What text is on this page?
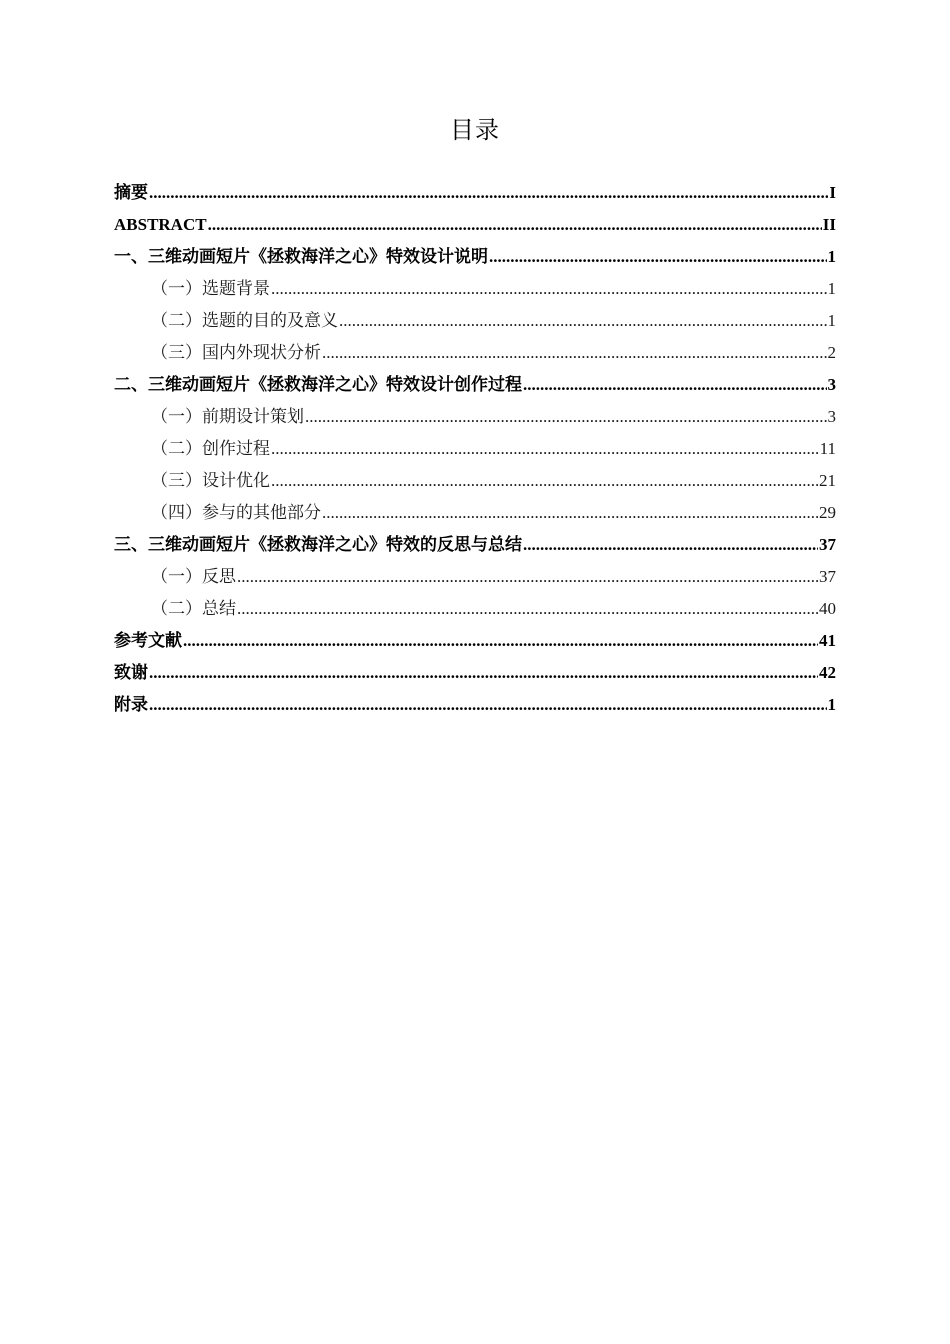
目录
摘要 .....	I
ABSTRACT .....	II
一、三维动画短片《拯救海洋之心》特效设计说明 .....	1
（一）选题背景 .....	1
（二）选题的目的及意义 .....	1
（三）国内外现状分析 .....	2
二、三维动画短片《拯救海洋之心》特效设计创作过程 .....	3
（一）前期设计策划 .....	3
（二）创作过程 .....	11
（三）设计优化 .....	21
（四）参与的其他部分 .....	29
三、三维动画短片《拯救海洋之心》特效的反思与总结 .....	37
（一）反思 .....	37
（二）总结 .....	40
参考文献 .....	41
致谢 .....	42
附录 .....	1
